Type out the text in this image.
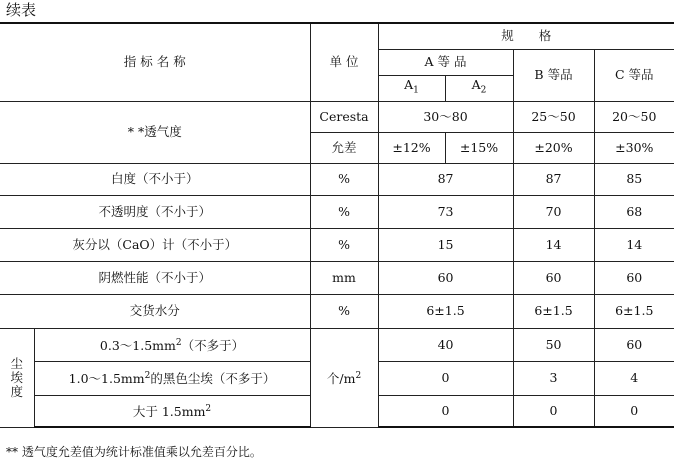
续表
指 标 名 称		单 位	规　　格			
			A 等 品		B 等品	C 等品
			$A_1$	$A_2$
* *透气度		Ceresta	30～80		25～50	20～50
		允差	±12%	±15%	±20%	±30%
白度（不小于）		%	87		87	85
不透明度（不小于）		%	73		70	68
灰分以（CaO）计（不小于）		%	15		14	14
阴燃性能（不小于）		mm	60		60	60
交货水分		%	6±1.5		6±1.5	6±1.5

尘
埃
度	$0.3\sim 1.5mm^2$（不多于）	个$/m^2$	40		50	60
	$1.0\sim 1.5mm^2$的黑色尘埃（不多于）		0		3	4
	大于 $1.5mm^2$		0		0	0
** 透气度允差值为统计标准值乘以允差百分比。
